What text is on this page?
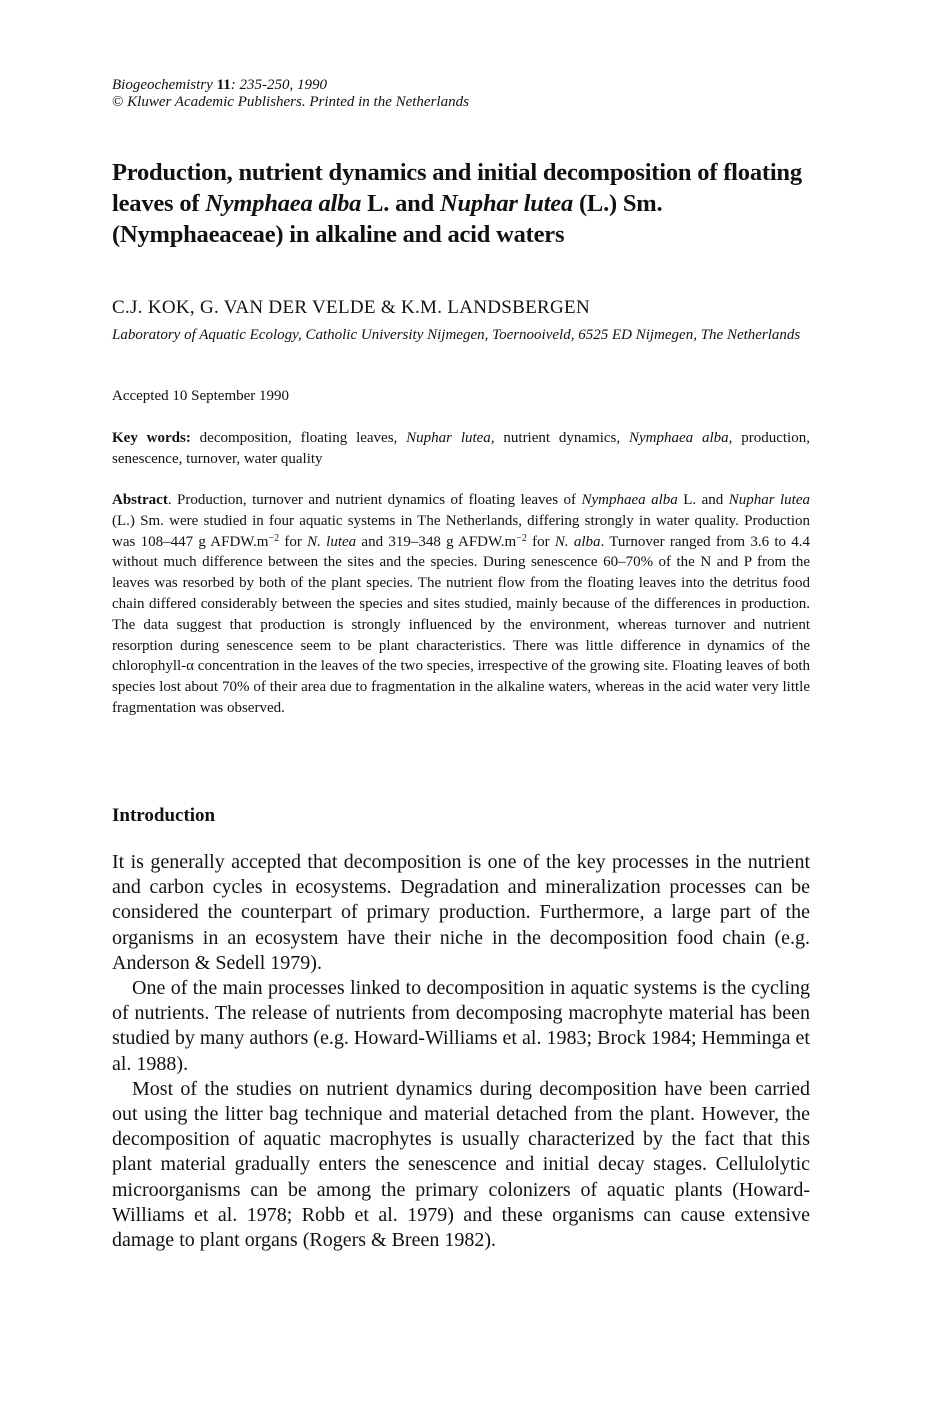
Biogeochemistry 11: 235-250, 1990
© Kluwer Academic Publishers. Printed in the Netherlands
Production, nutrient dynamics and initial decomposition of floating leaves of Nymphaea alba L. and Nuphar lutea (L.) Sm. (Nymphaeaceae) in alkaline and acid waters
C.J. KOK, G. VAN DER VELDE & K.M. LANDSBERGEN
Laboratory of Aquatic Ecology, Catholic University Nijmegen, Toernooiveld, 6525 ED Nijmegen, The Netherlands
Accepted 10 September 1990
Key words: decomposition, floating leaves, Nuphar lutea, nutrient dynamics, Nymphaea alba, production, senescence, turnover, water quality
Abstract. Production, turnover and nutrient dynamics of floating leaves of Nymphaea alba L. and Nuphar lutea (L.) Sm. were studied in four aquatic systems in The Netherlands, differing strongly in water quality. Production was 108–447 g $AFDW.m^{-2}$ for N. lutea and 319–348 g $AFDW.m^{-2}$ for N. alba. Turnover ranged from 3.6 to 4.4 without much difference between the sites and the species. During senescence 60–70% of the N and P from the leaves was resorbed by both of the plant species. The nutrient flow from the floating leaves into the detritus food chain differed considerably between the species and sites studied, mainly because of the differences in production. The data suggest that production is strongly influenced by the environment, whereas turnover and nutrient resorption during senescence seem to be plant characteristics. There was little difference in dynamics of the chlorophyll-α concentration in the leaves of the two species, irrespective of the growing site. Floating leaves of both species lost about 70% of their area due to fragmentation in the alkaline waters, whereas in the acid water very little fragmentation was observed.
Introduction

It is generally accepted that decomposition is one of the key processes in the nutrient and carbon cycles in ecosystems. Degradation and mineralization processes can be considered the counterpart of primary production. Furthermore, a large part of the organisms in an ecosystem have their niche in the decomposition food chain (e.g. Anderson & Sedell 1979).

One of the main processes linked to decomposition in aquatic systems is the cycling of nutrients. The release of nutrients from decomposing macrophyte material has been studied by many authors (e.g. Howard-Williams et al. 1983; Brock 1984; Hemminga et al. 1988).

Most of the studies on nutrient dynamics during decomposition have been carried out using the litter bag technique and material detached from the plant. However, the decomposition of aquatic macrophytes is usually characterized by the fact that this plant material gradually enters the senescence and initial decay stages. Cellulolytic microorganisms can be among the primary colonizers of aquatic plants (Howard-Williams et al. 1978; Robb et al. 1979) and these organisms can cause extensive damage to plant organs (Rogers & Breen 1982).
